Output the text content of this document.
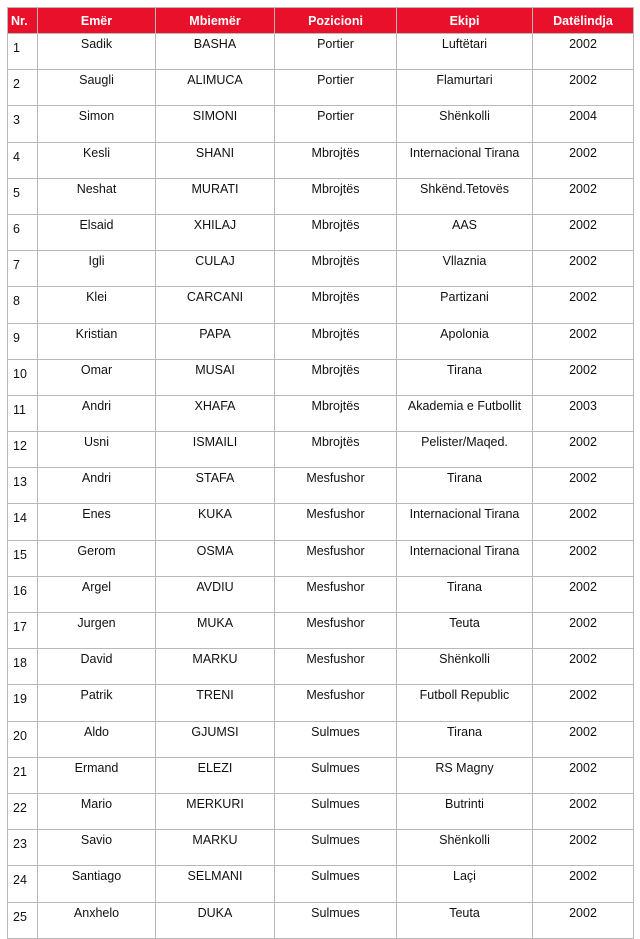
Nr.	Emër	Mbiemër	Pozicioni	Ekipi	Datëlindja
1	Sadik	BASHA	Portier	Luftëtari	2002
2	Saugli	ALIMUCA	Portier	Flamurtari	2002
3	Simon	SIMONI	Portier	Shënkolli	2004
4	Kesli	SHANI	Mbrojtës	Internacional Tirana	2002
5	Neshat	MURATI	Mbrojtës	Shkënd.Tetovës	2002
6	Elsaid	XHILAJ	Mbrojtës	AAS	2002
7	Igli	CULAJ	Mbrojtës	Vllaznia	2002
8	Klei	CARCANI	Mbrojtës	Partizani	2002
9	Kristian	PAPA	Mbrojtës	Apolonia	2002
10	Omar	MUSAI	Mbrojtës	Tirana	2002
11	Andri	XHAFA	Mbrojtës	Akademia e Futbollit	2003
12	Usni	ISMAILI	Mbrojtës	Pelister/Maqed.	2002
13	Andri	STAFA	Mesfushor	Tirana	2002
14	Enes	KUKA	Mesfushor	Internacional Tirana	2002
15	Gerom	OSMA	Mesfushor	Internacional Tirana	2002
16	Argel	AVDIU	Mesfushor	Tirana	2002
17	Jurgen	MUKA	Mesfushor	Teuta	2002
18	David	MARKU	Mesfushor	Shënkolli	2002
19	Patrik	TRENI	Mesfushor	Futboll Republic	2002
20	Aldo	GJUMSI	Sulmues	Tirana	2002
21	Ermand	ELEZI	Sulmues	RS Magny	2002
22	Mario	MERKURI	Sulmues	Butrinti	2002
23	Savio	MARKU	Sulmues	Shënkolli	2002
24	Santiago	SELMANI	Sulmues	Laçi	2002
25	Anxhelo	DUKA	Sulmues	Teuta	2002
